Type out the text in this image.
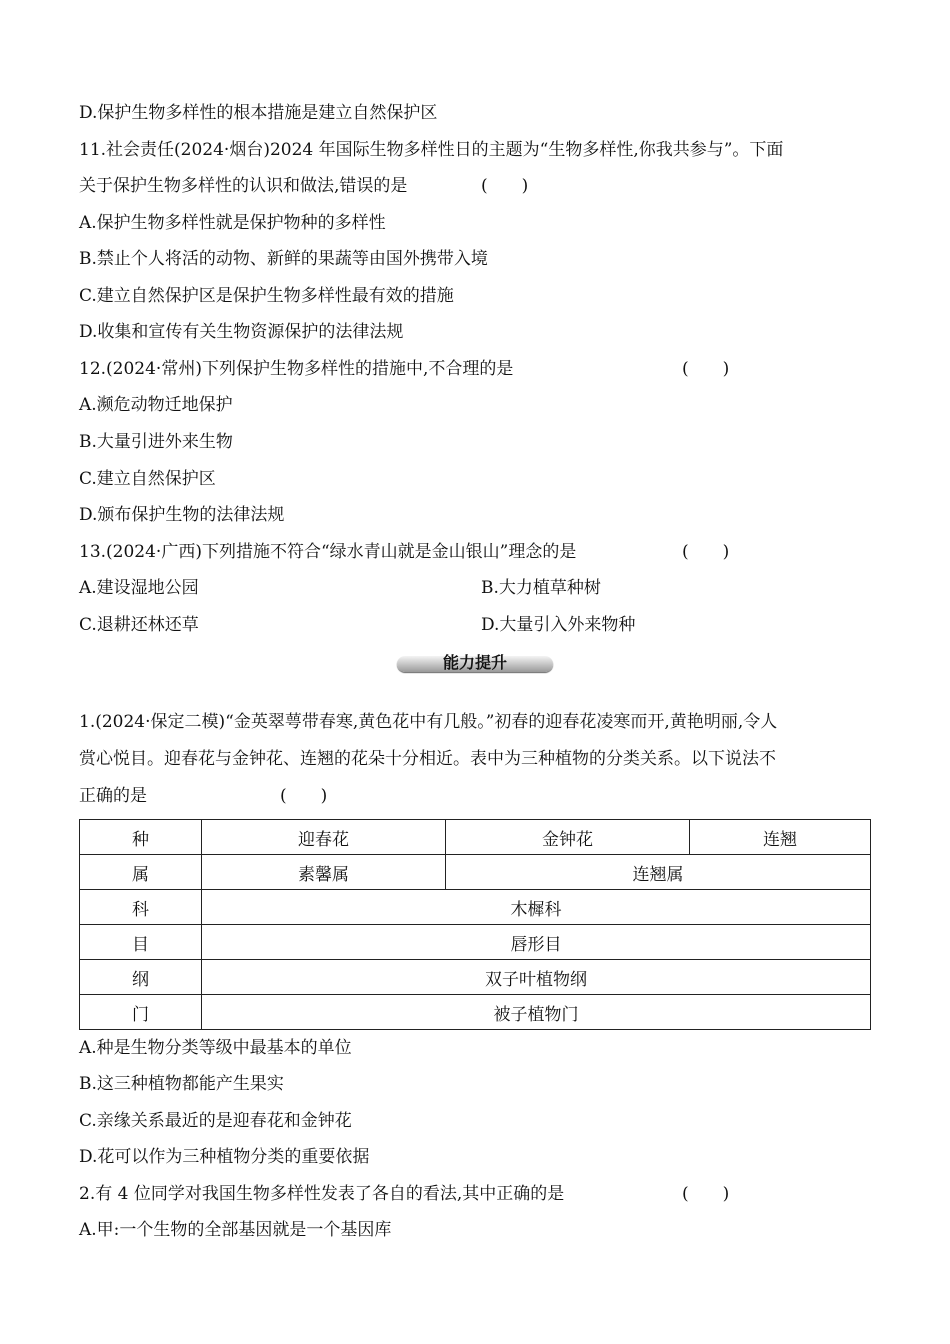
D.保护生物多样性的根本措施是建立自然保护区
11.社会责任(2024·烟台)2024 年国际生物多样性日的主题为“生物多样性,你我共参与”。下面
关于保护生物多样性的认识和做法,错误的是	(　　)
A.保护生物多样性就是保护物种的多样性
B.禁止个人将活的动物、新鲜的果蔬等由国外携带入境
C.建立自然保护区是保护生物多样性最有效的措施
D.收集和宣传有关生物资源保护的法律法规
12.(2024·常州)下列保护生物多样性的措施中,不合理的是	(　　)
A.濒危动物迁地保护
B.大量引进外来生物
C.建立自然保护区
D.颁布保护生物的法律法规
13.(2024·广西)下列措施不符合“绿水青山就是金山银山”理念的是	(　　)
A.建设湿地公园	B.大力植草种树
C.退耕还林还草	D.大量引入外来物种
能力提升
1.(2024·保定二模)“金英翠萼带春寒,黄色花中有几般。”初春的迎春花凌寒而开,黄艳明丽,令人
赏心悦目。迎春花与金钟花、连翘的花朵十分相近。表中为三种植物的分类关系。以下说法不
正确的是	(　　)
种	迎春花	金钟花	连翘
属	素馨属	连翘属	
科	木樨科		
目	唇形目		
纲	双子叶植物纲		
门	被子植物门		
A.种是生物分类等级中最基本的单位
B.这三种植物都能产生果实
C.亲缘关系最近的是迎春花和金钟花
D.花可以作为三种植物分类的重要依据
2.有 4 位同学对我国生物多样性发表了各自的看法,其中正确的是	(　　)
A.甲:一个生物的全部基因就是一个基因库
